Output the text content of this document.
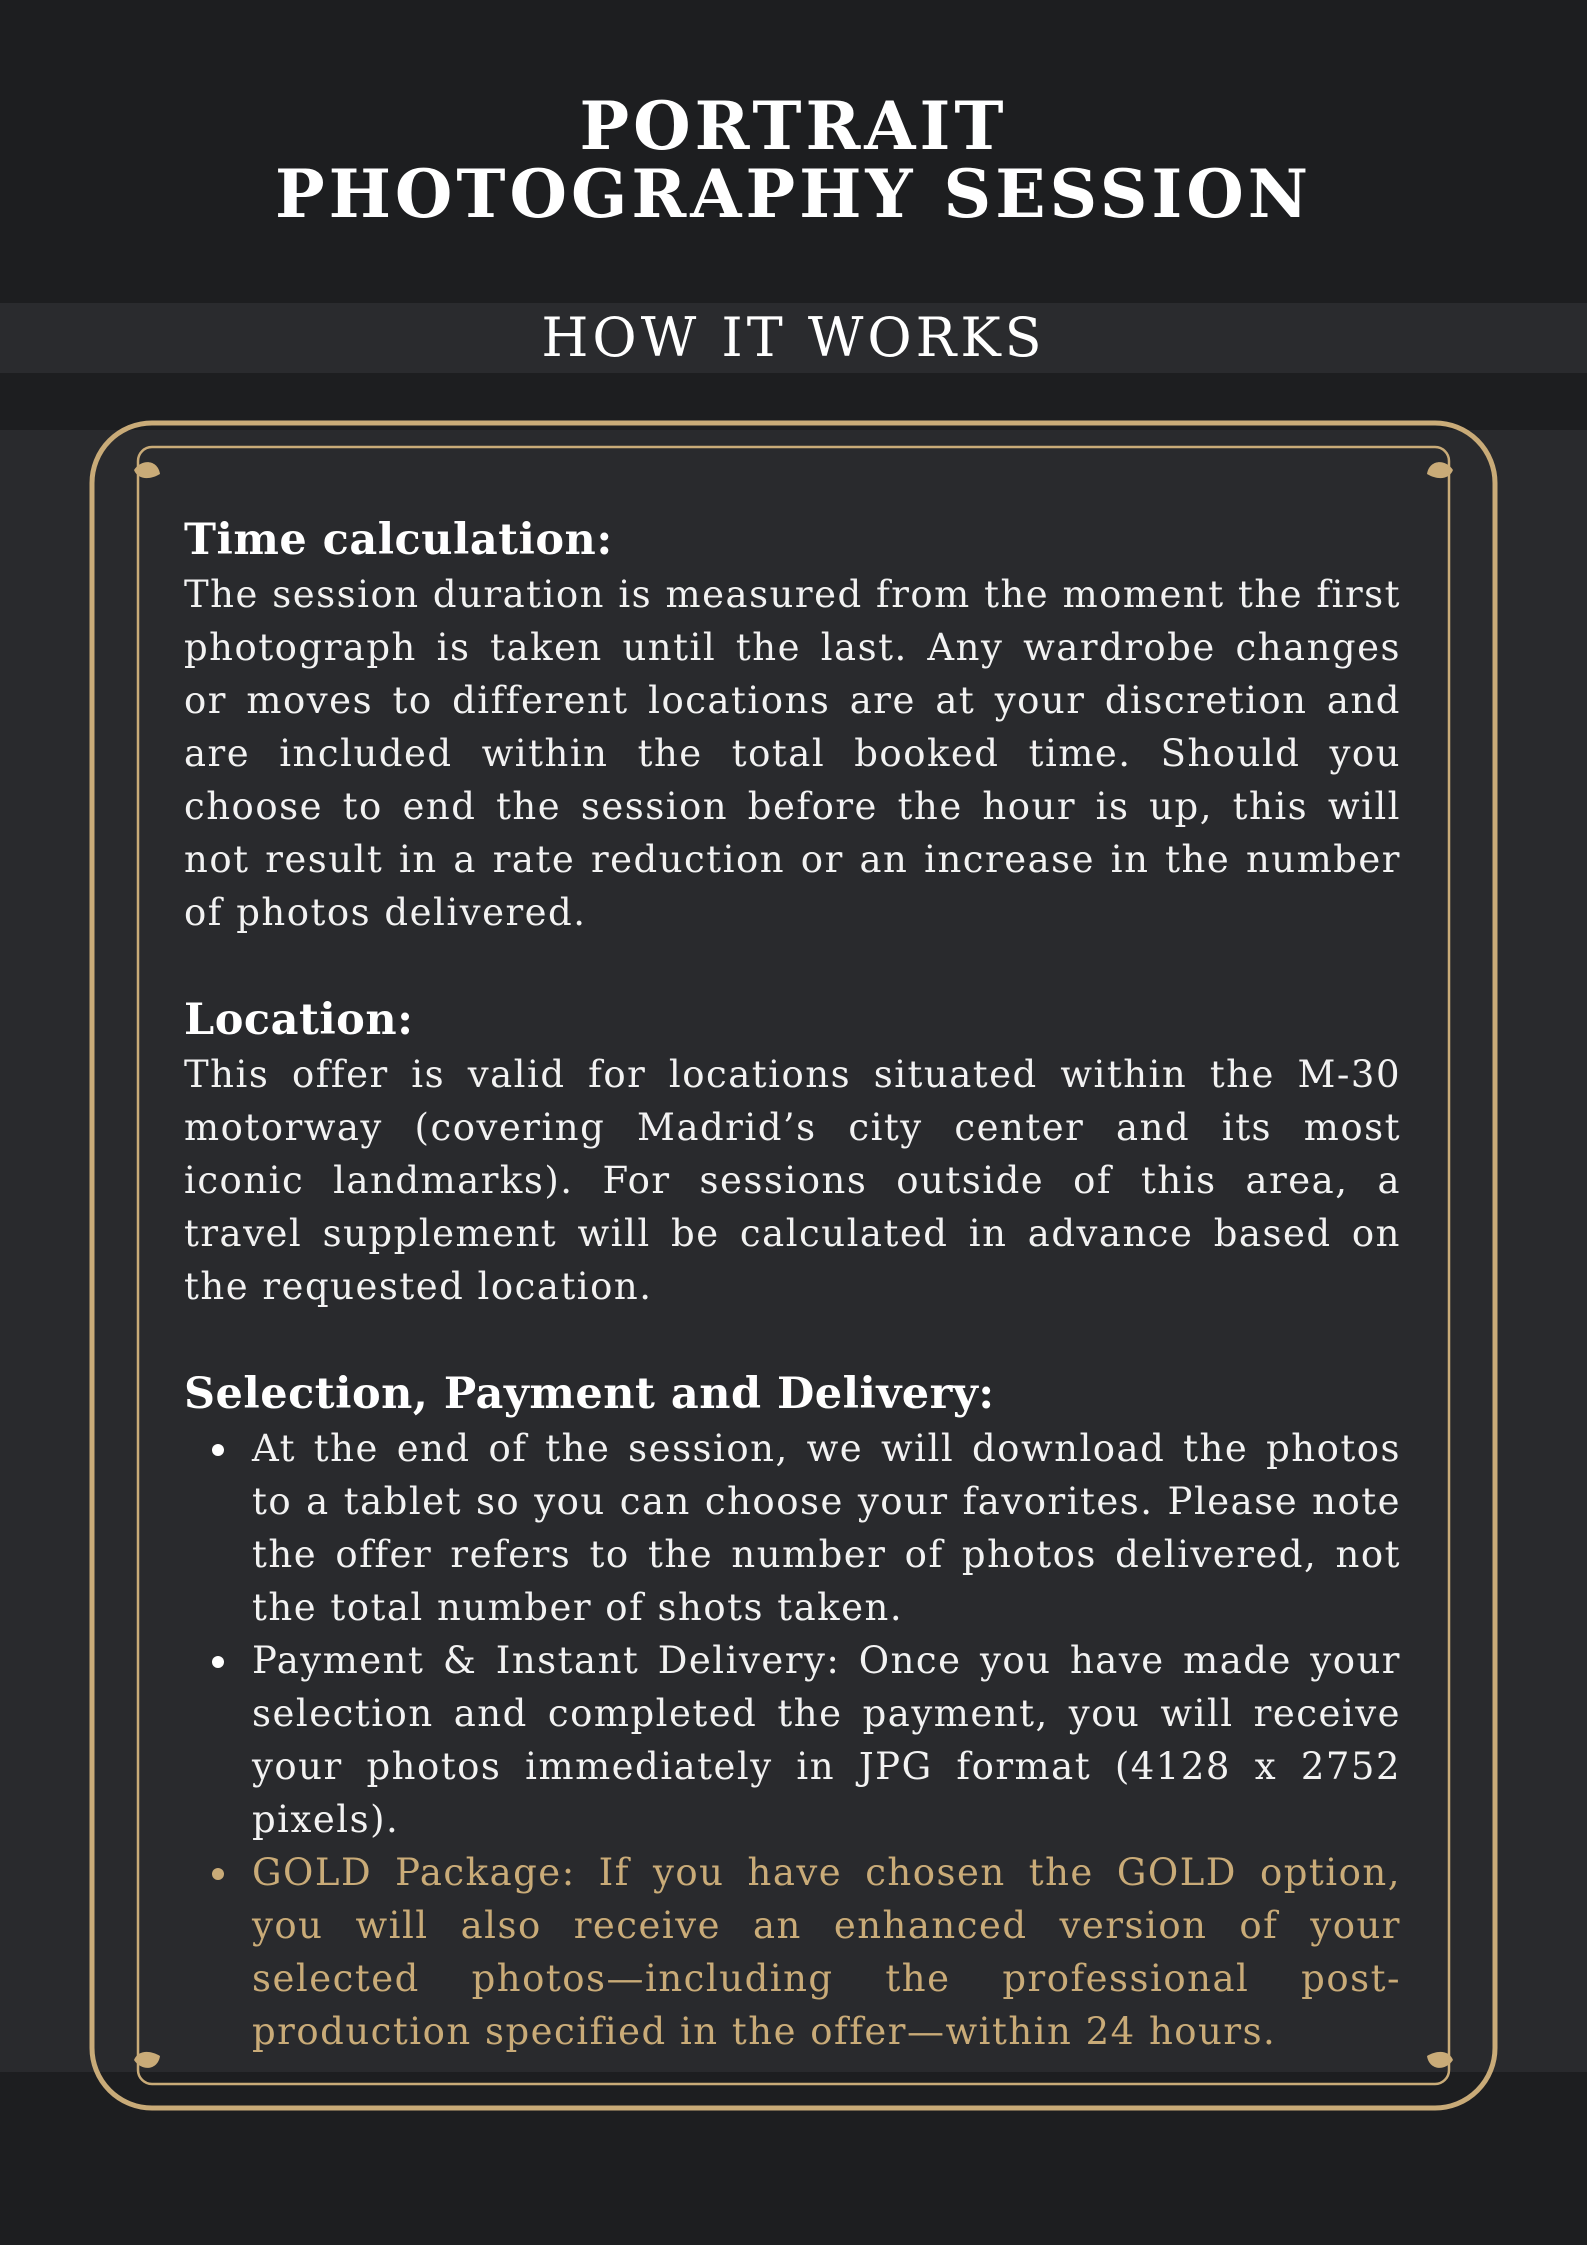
PORTRAIT
PHOTOGRAPHY SESSION
HOW IT WORKS
Time calculation:

The session duration is measured from the moment the first photograph is taken until the last. Any wardrobe changes or moves to different locations are at your discretion and are included within the total booked time. Should you choose to end the session before the hour is up, this will not result in a rate reduction or an increase in the number of photos delivered.

Location:

This offer is valid for locations situated within the M-30 motorway (covering Madrid’s city center and its most iconic landmarks). For sessions outside of this area, a travel supplement will be calculated in advance based on the requested location.

Selection, Payment and Delivery:
At the end of the session, we will download the photos to a tablet so you can choose your favorites. Please note the offer refers to the number of photos delivered, not the total number of shots taken.
Payment & Instant Delivery: Once you have made your selection and completed the payment, you will receive your photos immediately in JPG format (4128 x 2752 pixels).
GOLD Package: If you have chosen the GOLD option, you will also receive an enhanced version of your selected photos—including the professional post-production specified in the offer—within 24 hours.
